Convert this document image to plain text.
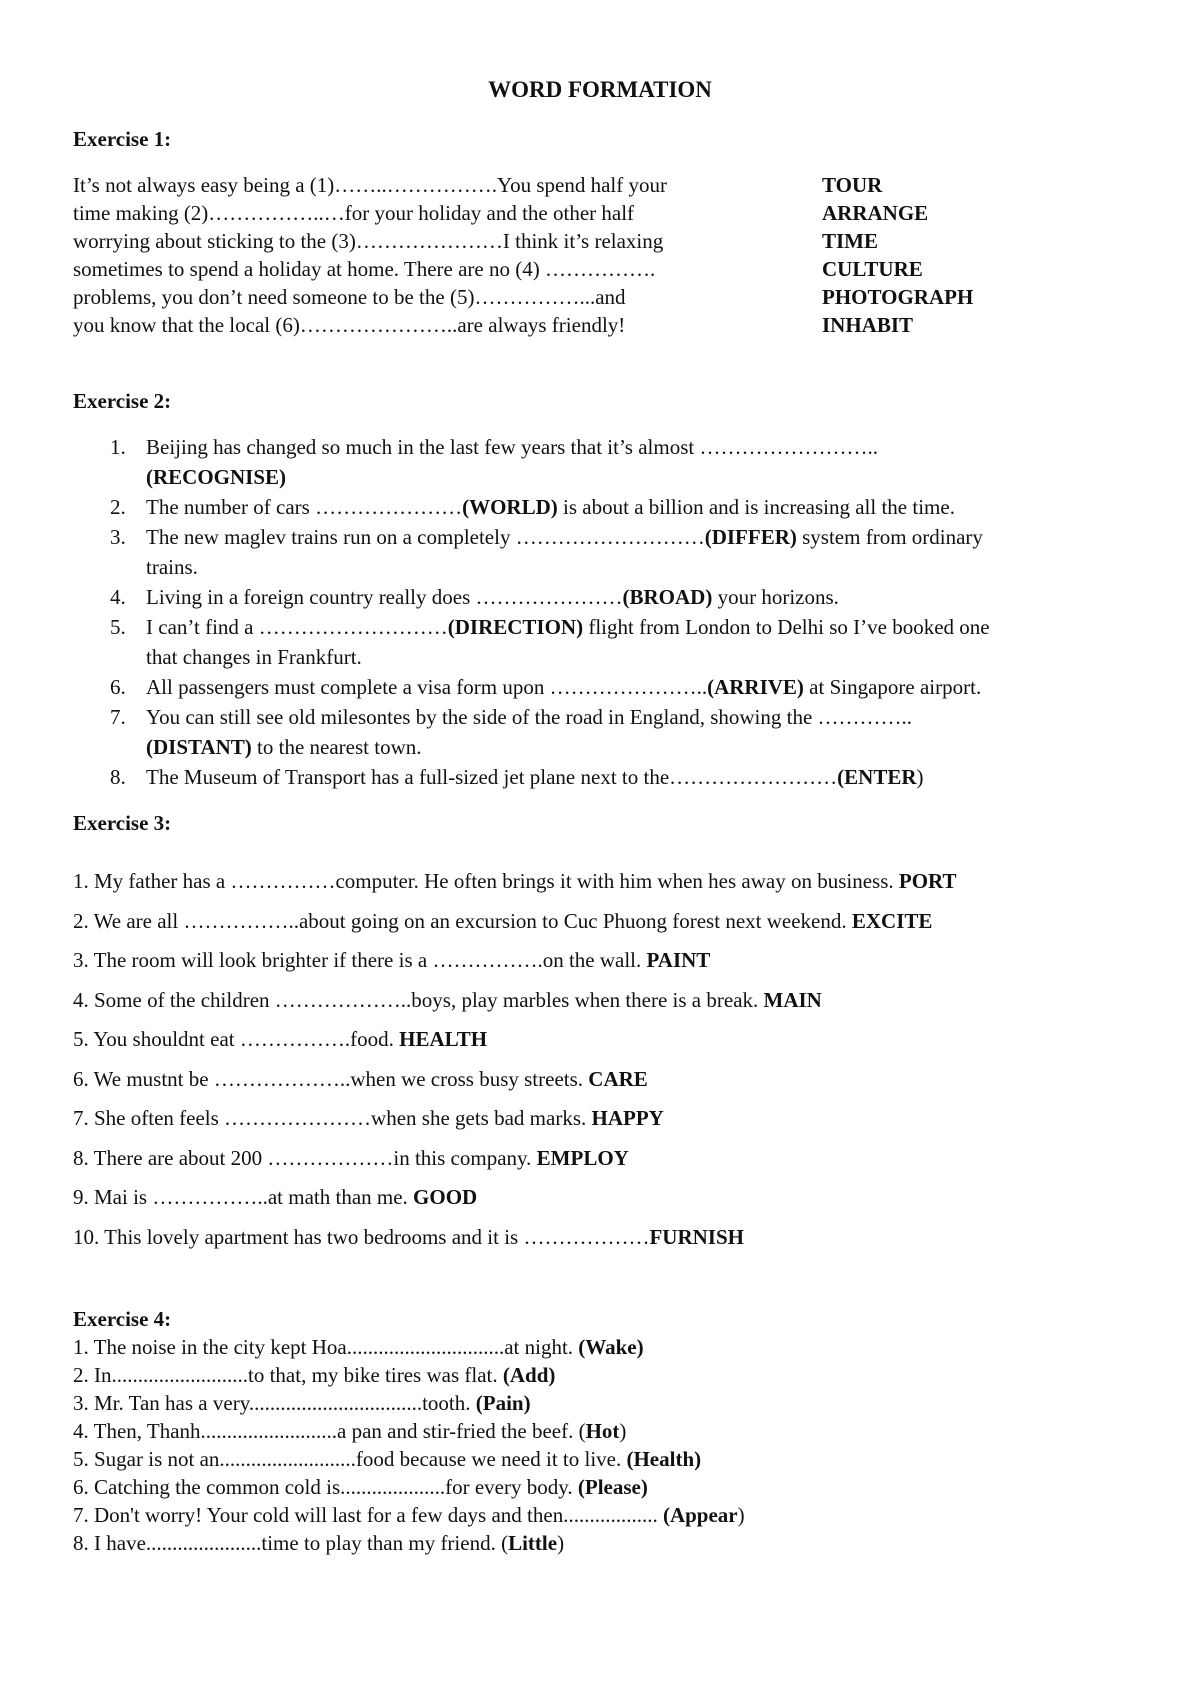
WORD FORMATION
Exercise 1:
It’s not always easy being a (1)……..…………….You spend half your
time making (2)……………..…for your holiday and the other half
worrying about sticking to the (3)…………………I think it’s relaxing
sometimes to spend a holiday at home. There are no (4) …………….
problems, you don’t need someone to be the (5)……………...and
you know that the local (6)…………………..are always friendly!
TOUR
ARRANGE
TIME
CULTURE
PHOTOGRAPH
INHABIT
Exercise 2:
1. Beijing has changed so much in the last few years that it’s almost ……………………..
(RECOGNISE)
2. The number of cars …………………(WORLD) is about a billion and is increasing all the time.
3. The new maglev trains run on a completely ………………………(DIFFER) system from ordinary
trains.
4. Living in a foreign country really does …………………(BROAD) your horizons.
5. I can’t find a ………………………(DIRECTION) flight from London to Delhi so I’ve booked one
that changes in Frankfurt.
6. All passengers must complete a visa form upon …………………..(ARRIVE) at Singapore airport.
7. You can still see old milesontes by the side of the road in England, showing the …………..
(DISTANT) to the nearest town.
8. The Museum of Transport has a full-sized jet plane next to the……………………(ENTER)
Exercise 3:
1. My father has a ……………computer. He often brings it with him when hes away on business. PORT
2. We are all ……………..about going on an excursion to Cuc Phuong forest next weekend. EXCITE
3. The room will look brighter if there is a …………….on the wall. PAINT
4. Some of the children ………………..boys, play marbles when there is a break. MAIN
5. You shouldnt eat …………….food. HEALTH
6. We mustnt be ………………..when we cross busy streets. CARE
7. She often feels …………………when she gets bad marks. HAPPY
8. There are about 200 ………………in this company. EMPLOY
9. Mai is ……………..at math than me. GOOD
10. This lovely apartment has two bedrooms and it is ………………FURNISH
Exercise 4:
1. The noise in the city kept Hoa..............................at night. (Wake)
2. In..........................to that, my bike tires was flat. (Add)
3. Mr. Tan has a very.................................tooth. (Pain)
4. Then, Thanh..........................a pan and stir-fried the beef. (Hot)
5. Sugar is not an..........................food because we need it to live. (Health)
6. Catching the common cold is....................for every body. (Please)
7. Don't worry! Your cold will last for a few days and then.................. (Appear)
8. I have......................time to play than my friend. (Little)
